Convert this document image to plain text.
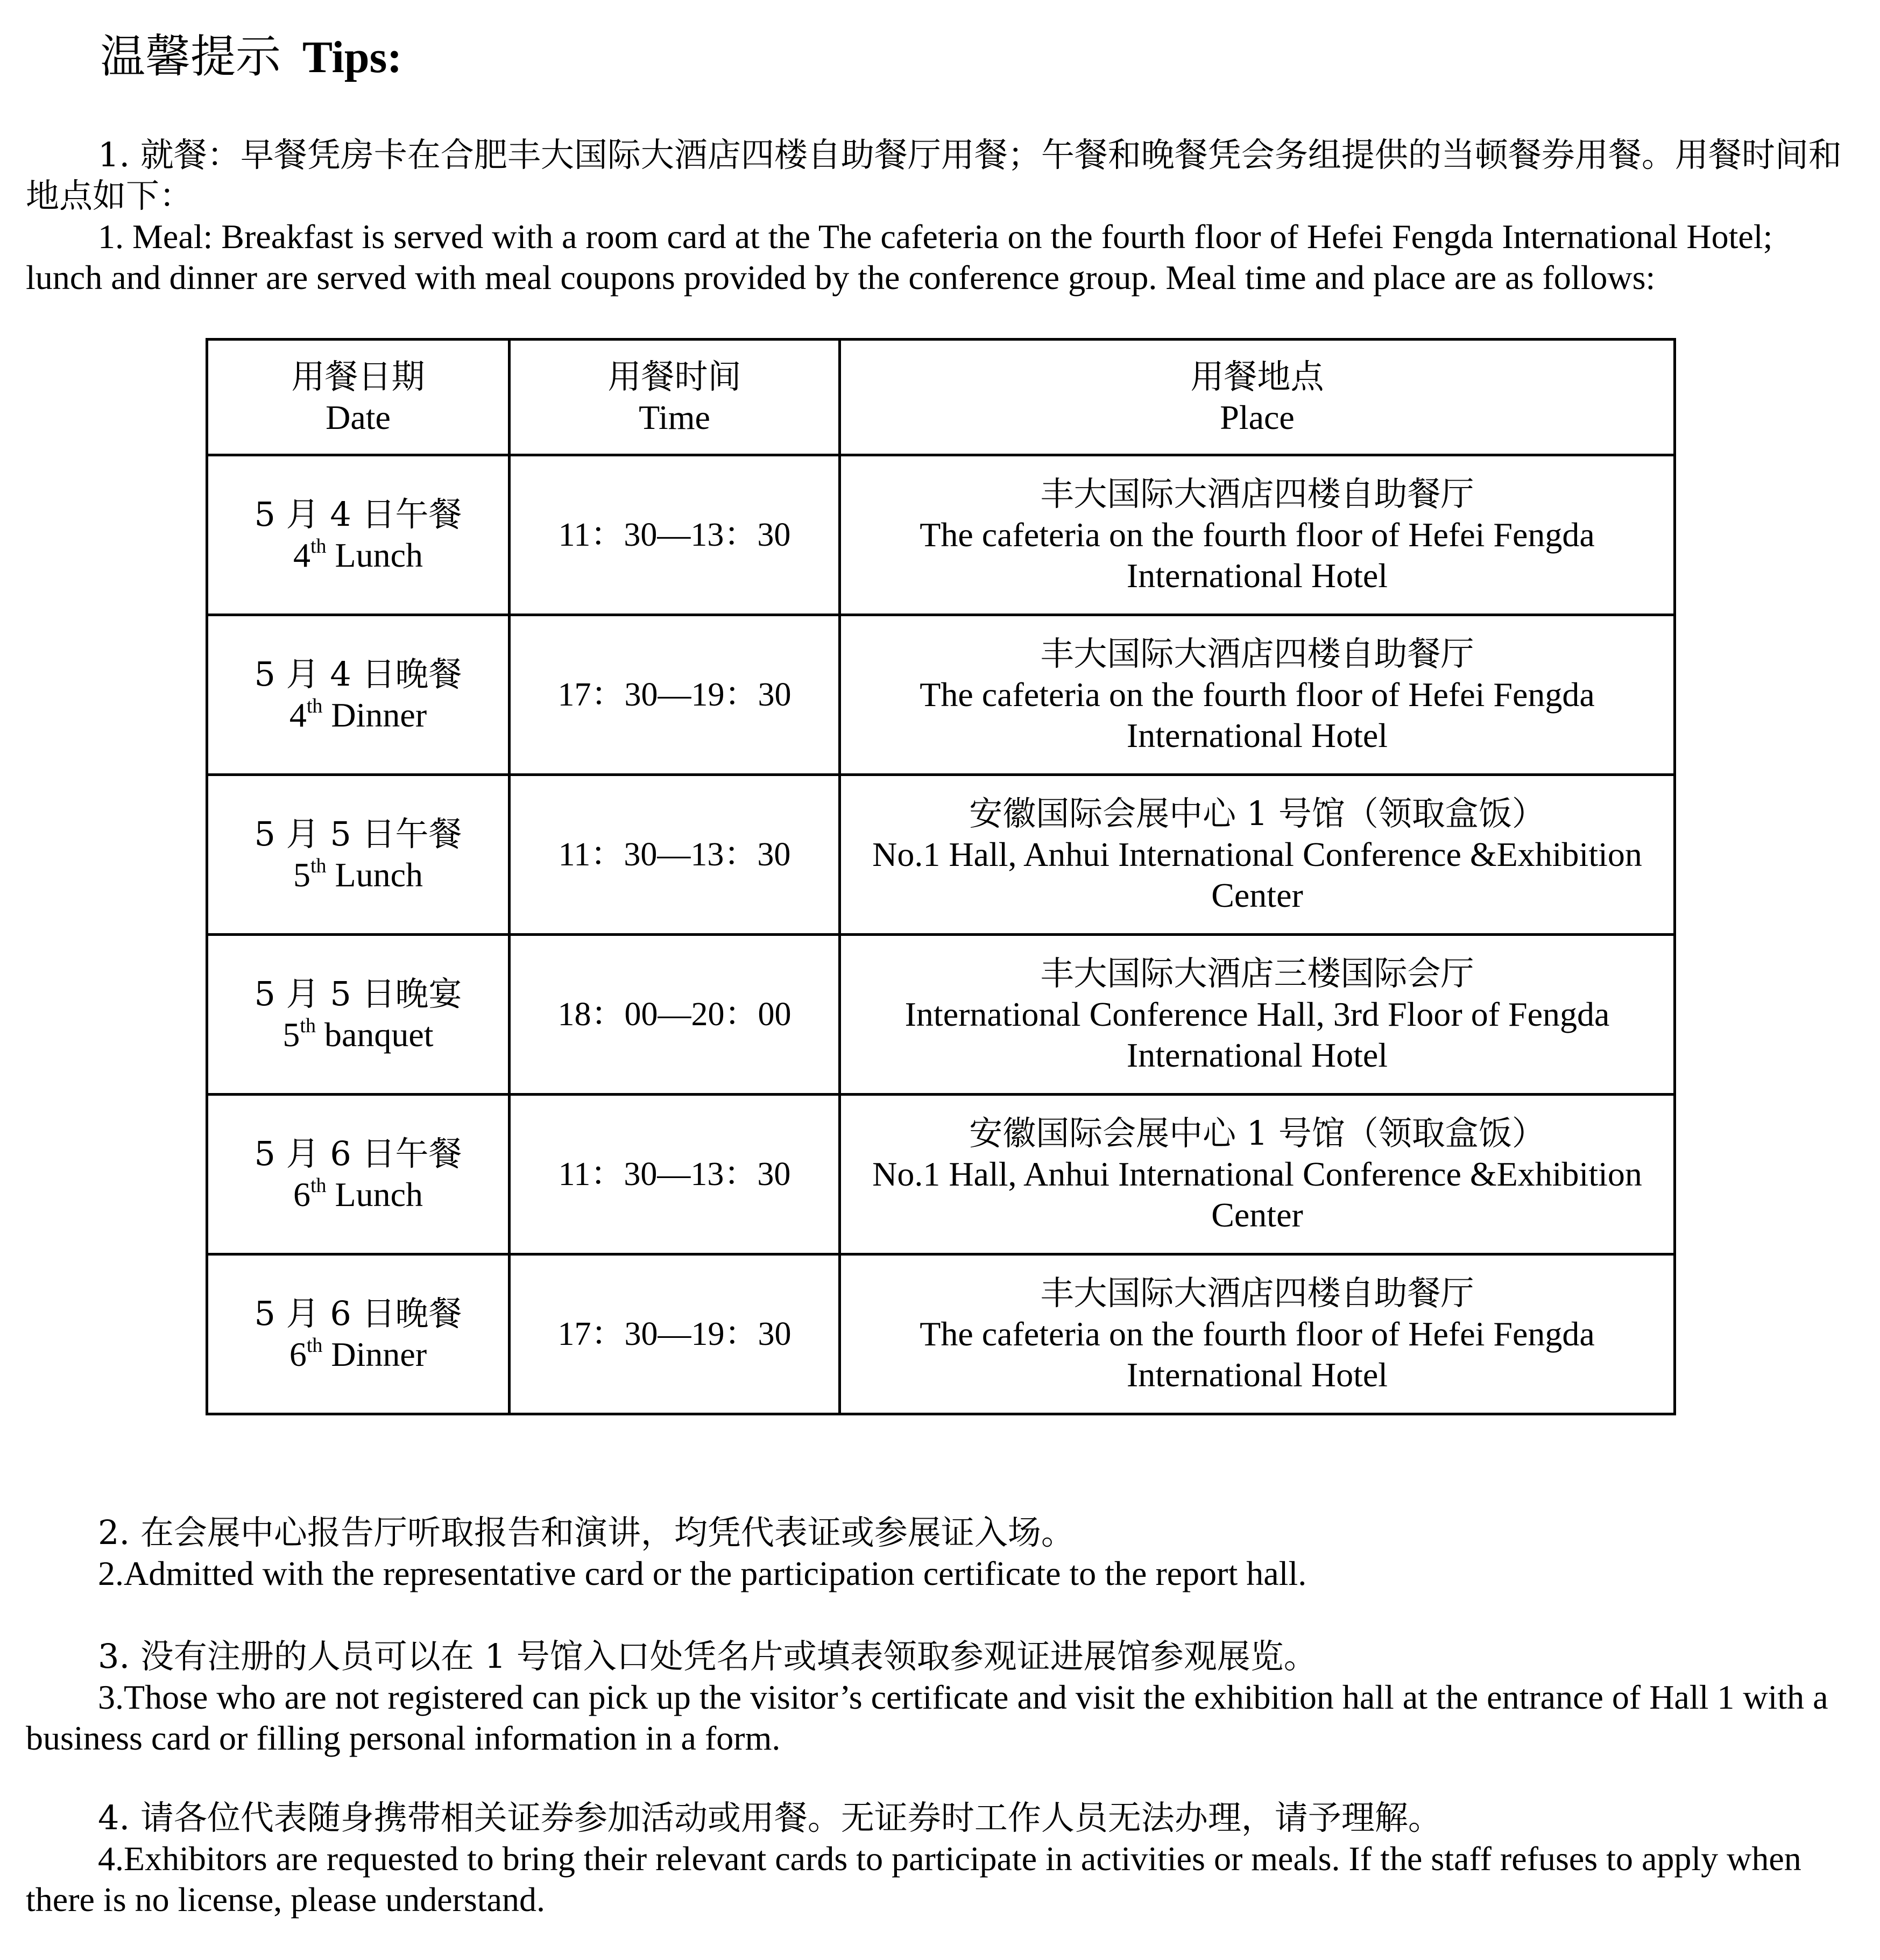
温馨提示 Tips:

1. 就餐：早餐凭房卡在合肥丰大国际大酒店四楼自助餐厅用餐；午餐和晚餐凭会务组提供的当顿餐券用餐。用餐时间和地点如下：

1. Meal: Breakfast is served with a room card at the The cafeteria on the fourth floor of Hefei Fengda International Hotel; lunch and dinner are served with meal coupons provided by the conference group. Meal time and place are as follows:

用餐日期
Date	用餐时间
Time	用餐地点
Place

5 月 4 日午餐
4th Lunch	11：30—13：30	丰大国际大酒店四楼自助餐厅
The cafeteria on the fourth floor of Hefei Fengda
International Hotel

5 月 4 日晚餐
4th Dinner	17：30—19：30	丰大国际大酒店四楼自助餐厅
The cafeteria on the fourth floor of Hefei Fengda
International Hotel

5 月 5 日午餐
5th Lunch	11：30—13：30	安徽国际会展中心 1 号馆（领取盒饭）
No.1 Hall, Anhui International Conference &Exhibition
Center

5 月 5 日晚宴
5th banquet	18：00—20：00	丰大国际大酒店三楼国际会厅
International Conference Hall, 3rd Floor of Fengda
International Hotel

5 月 6 日午餐
6th Lunch	11：30—13：30	安徽国际会展中心 1 号馆（领取盒饭）
No.1 Hall, Anhui International Conference &Exhibition
Center

5 月 6 日晚餐
6th Dinner	17：30—19：30	丰大国际大酒店四楼自助餐厅
The cafeteria on the fourth floor of Hefei Fengda
International Hotel

2. 在会展中心报告厅听取报告和演讲，均凭代表证或参展证入场。

2.Admitted with the representative card or the participation certificate to the report hall.

3. 没有注册的人员可以在 1 号馆入口处凭名片或填表领取参观证进展馆参观展览。

3.Those who are not registered can pick up the visitor’s certificate and visit the exhibition hall at the entrance of Hall 1 with a business card or filling personal information in a form.

4. 请各位代表随身携带相关证券参加活动或用餐。无证券时工作人员无法办理，请予理解。

4.Exhibitors are requested to bring their relevant cards to participate in activities or meals. If the staff refuses to apply when there is no license, please understand.
